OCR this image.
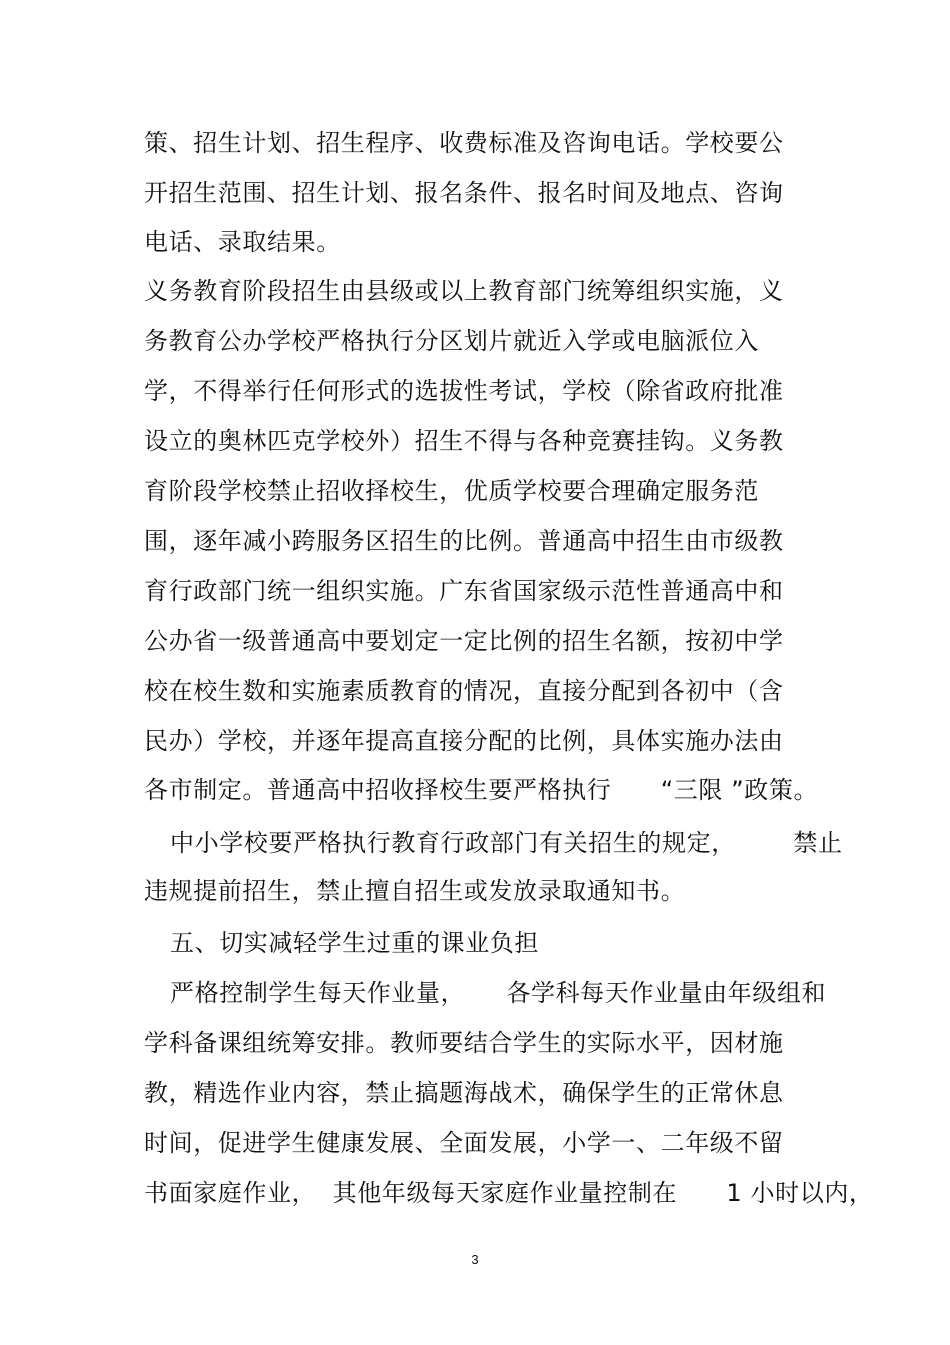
策、招生计划、招生程序、收费标准及咨询电话。学校要公
开招生范围、招生计划、报名条件、报名时间及地点、咨询
电话、录取结果。
义务教育阶段招生由县级或以上教育部门统筹组织实施，义
务教育公办学校严格执行分区划片就近入学或电脑派位入
学，不得举行任何形式的选拔性考试，学校（除省政府批准
设立的奥林匹克学校外）招生不得与各种竞赛挂钩。义务教
育阶段学校禁止招收择校生，优质学校要合理确定服务范
围，逐年减小跨服务区招生的比例。普通高中招生由市级教
育行政部门统一组织实施。广东省国家级示范性普通高中和
公办省一级普通高中要划定一定比例的招生名额，按初中学
校在校生数和实施素质教育的情况，直接分配到各初中（含
民办）学校，并逐年提高直接分配的比例，具体实施办法由
各市制定。普通高中招收择校生要严格执行      “三限 ”政策。
中小学校要严格执行教育行政部门有关招生的规定，       禁止
违规提前招生，禁止擅自招生或发放录取通知书。
五、切实减轻学生过重的课业负担
严格控制学生每天作业量，     各学科每天作业量由年级组和
学科备课组统筹安排。教师要结合学生的实际水平，因材施
教，精选作业内容，禁止搞题海战术，确保学生的正常休息
时间，促进学生健康发展、全面发展，小学一、二年级不留
书面家庭作业，  其他年级每天家庭作业量控制在      1 小时以内，
3
